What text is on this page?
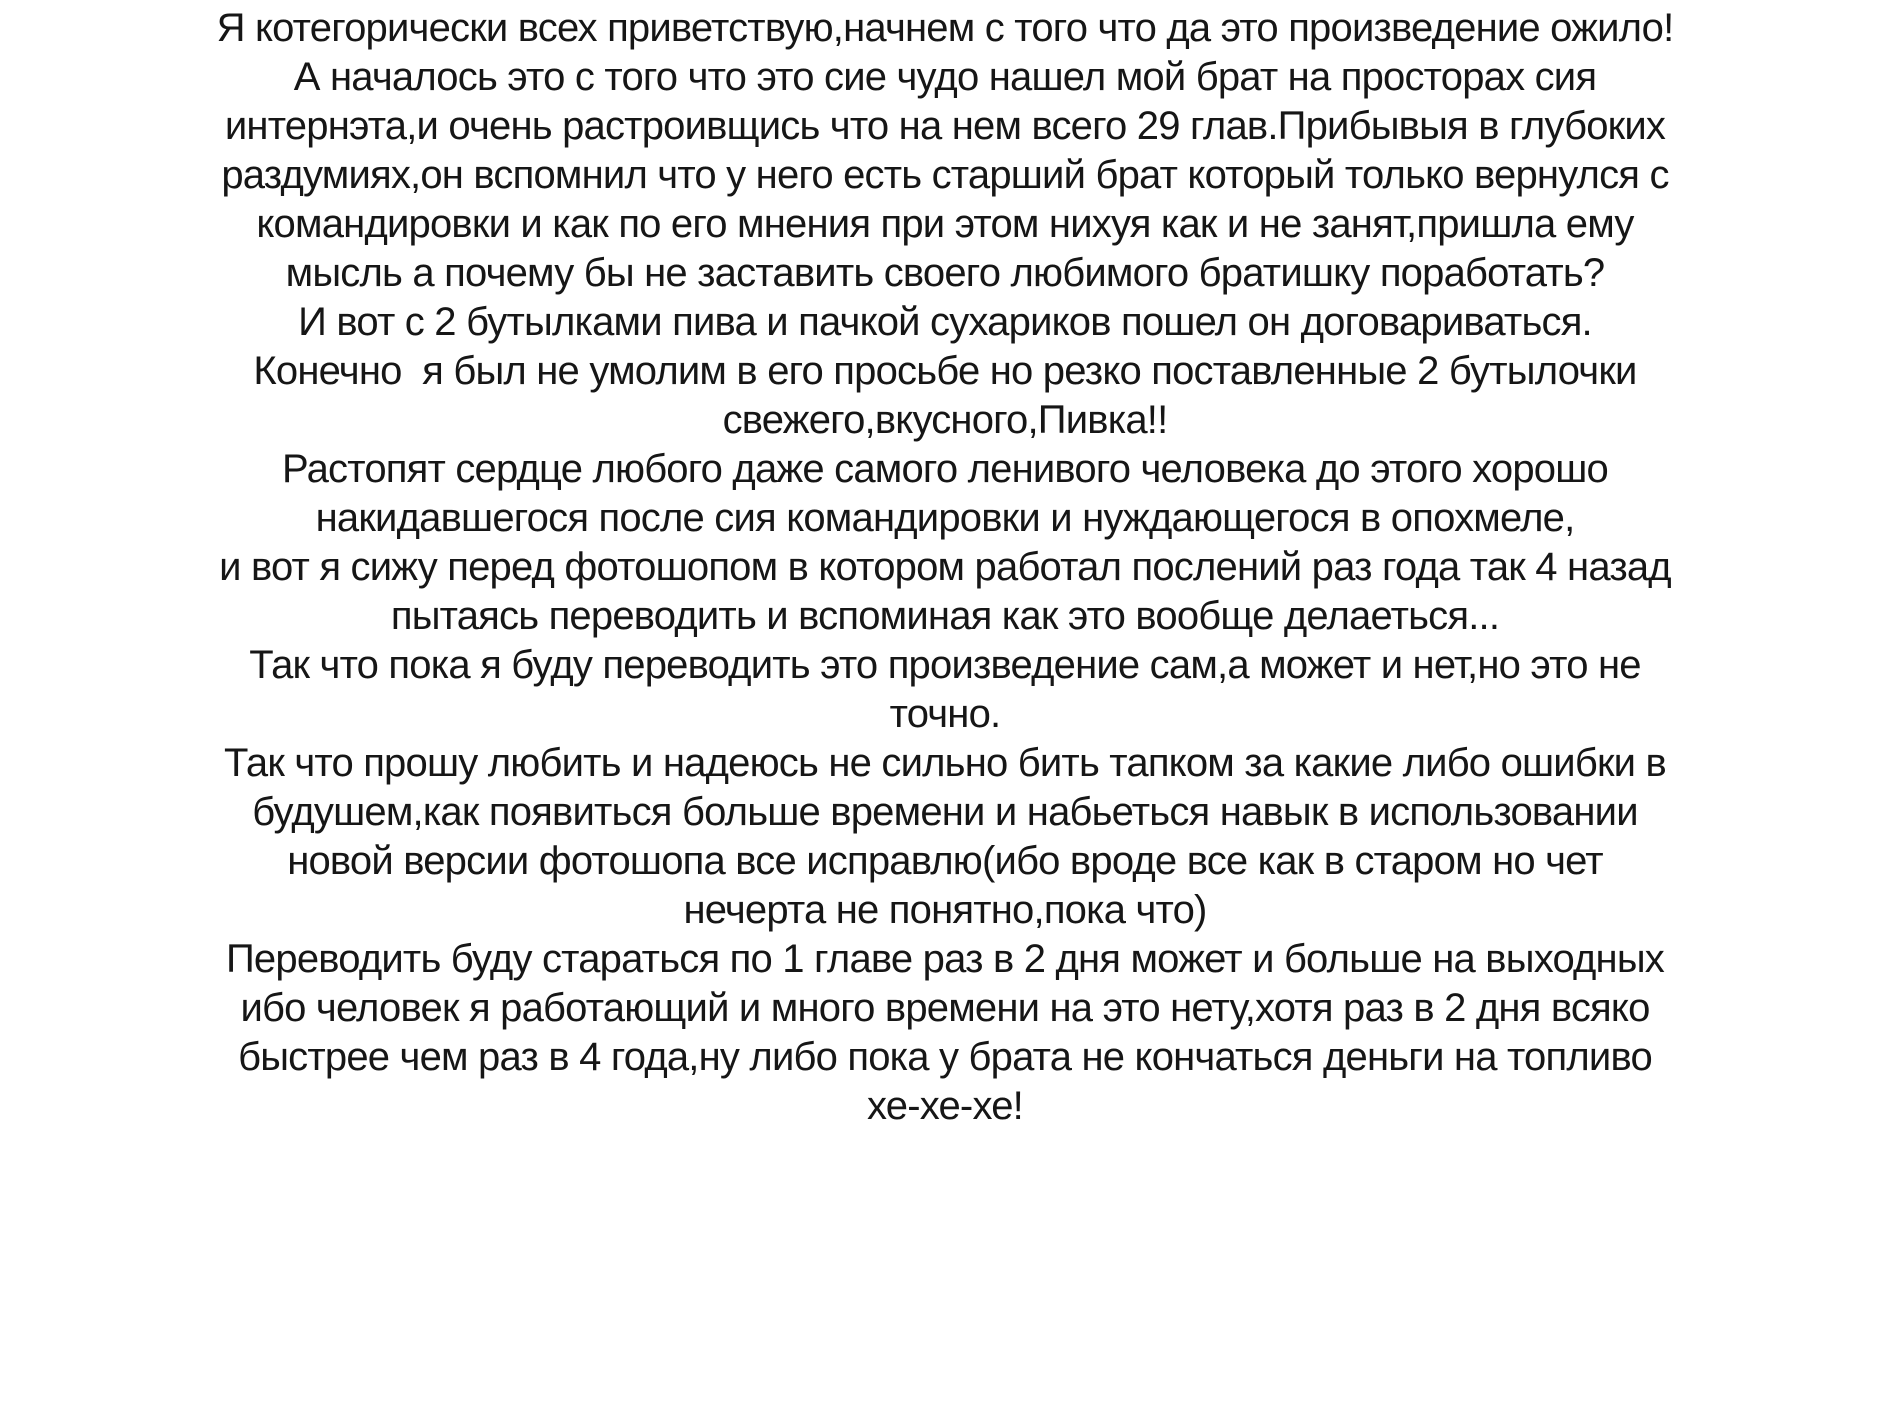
Я котегорически всех приветствую,начнем с того что да это произведение ожило!

А началось это с того что это сие чудо нашел мой брат на просторах сия

интернэта,и очень растроивщись что на нем всего 29 глав.Прибывыя в глубоких

раздумиях,он вспомнил что у него есть старший брат который только вернулся с

командировки и как по его мнения при этом нихуя как и не занят,пришла ему

мысль а почему бы не заставить своего любимого братишку поработать?

И вот с 2 бутылками пива и пачкой сухариков пошел он договариваться.

Конечно  я был не умолим в его просьбе но резко поставленные 2 бутылочки

свежего,вкусного,Пивка!!

Растопят сердце любого даже самого ленивого человека до этого хорошо

накидавшегося после сия командировки и нуждающегося в опохмеле,

и вот я сижу перед фотошопом в котором работал послений раз года так 4 назад

пытаясь переводить и вспоминая как это вообще делаеться...

Так что пока я буду переводить это произведение сам,а может и нет,но это не

точно.

Так что прошу любить и надеюсь не сильно бить тапком за какие либо ошибки в

будушем,как появиться больше времени и набьеться навык в использовании

новой версии фотошопа все исправлю(ибо вроде все как в старом но чет

нечерта не понятно,пока что)

Переводить буду стараться по 1 главе раз в 2 дня может и больше на выходных

ибо человек я работающий и много времени на это нету,хотя раз в 2 дня всяко

быстрее чем раз в 4 года,ну либо пока у брата не кончаться деньги на топливо

хе-хе-хе!
